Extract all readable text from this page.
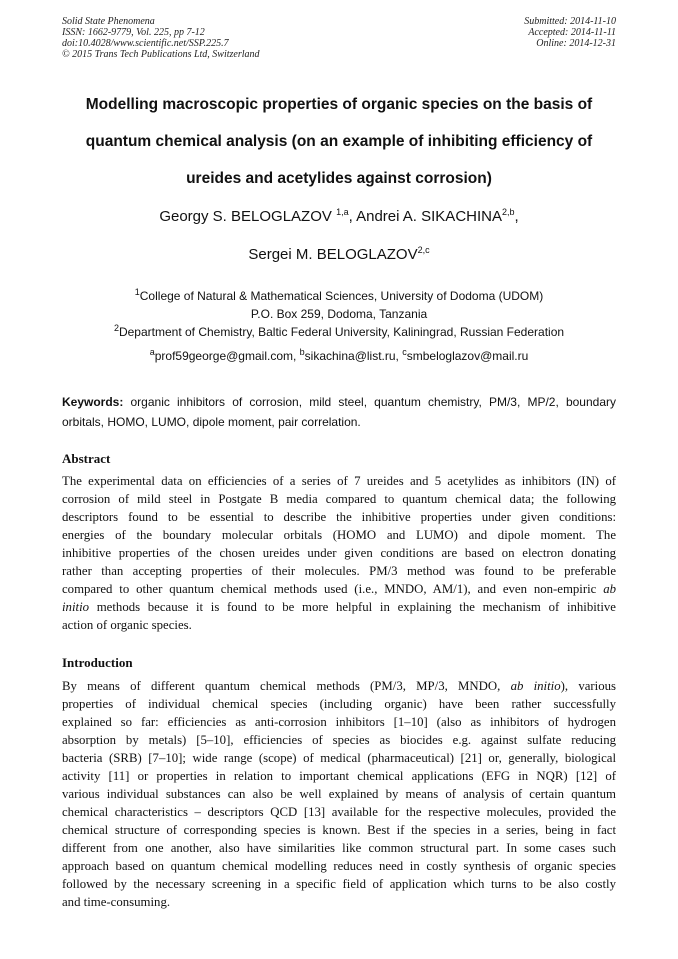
Solid State Phenomena
ISSN: 1662-9779, Vol. 225, pp 7-12
doi:10.4028/www.scientific.net/SSP.225.7
© 2015 Trans Tech Publications Ltd, Switzerland
Submitted: 2014-11-10
Accepted: 2014-11-11
Online: 2014-12-31
Modelling macroscopic properties of organic species on the basis of
quantum chemical analysis (on an example of inhibiting efficiency of
ureides and acetylides against corrosion)
Georgy S. BELOGLAZOV $^{1,a}$, Andrei A. SIKACHINA$^{2,b}$,
Sergei M. BELOGLAZOV$^{2,c}$
$^1$College of Natural & Mathematical Sciences, University of Dodoma (UDOM)
P.O. Box 259, Dodoma, Tanzania
$^2$Department of Chemistry, Baltic Federal University, Kaliningrad, Russian Federation
$^a$prof59george@gmail.com, $^b$sikachina@list.ru, $^c$smbeloglazov@mail.ru
Keywords: organic inhibitors of corrosion, mild steel, quantum chemistry, PM/3, MP/2, boundary
orbitals, HOMO, LUMO, dipole moment, pair correlation.
Abstract
The experimental data on efficiencies of a series of 7 ureides and 5 acetylides as inhibitors (IN) of
corrosion of mild steel in Postgate B media compared to quantum chemical data; the following
descriptors found to be essential to describe the inhibitive properties under given conditions:
energies of the boundary molecular orbitals (HOMO and LUMO) and dipole moment. The
inhibitive properties of the chosen ureides under given conditions are based on electron donating
rather than accepting properties of their molecules. PM/3 method was found to be preferable
compared to other quantum chemical methods used (i.e., MNDO, AM/1), and even non-empiric ab
initio methods because it is found to be more helpful in explaining the mechanism of inhibitive
action of organic species.
Introduction
By means of different quantum chemical methods (PM/3, MP/3, MNDO, ab initio), various
properties of individual chemical species (including organic) have been rather successfully
explained so far: efficiencies as anti-corrosion inhibitors [1–10] (also as inhibitors of hydrogen
absorption by metals) [5–10], efficiencies of species as biocides e.g. against sulfate reducing
bacteria (SRB) [7–10]; wide range (scope) of medical (pharmaceutical) [21] or, generally, biological
activity [11] or properties in relation to important chemical applications (EFG in NQR) [12] of
various individual substances can also be well explained by means of analysis of certain quantum
chemical characteristics – descriptors QCD [13] available for the respective molecules, provided the
chemical structure of corresponding species is known. Best if the species in a series, being in fact
different from one another, also have similarities like common structural part. In some cases such
approach based on quantum chemical modelling reduces need in costly synthesis of organic species
followed by the necessary screening in a specific field of application which turns to be also costly
and time-consuming.
